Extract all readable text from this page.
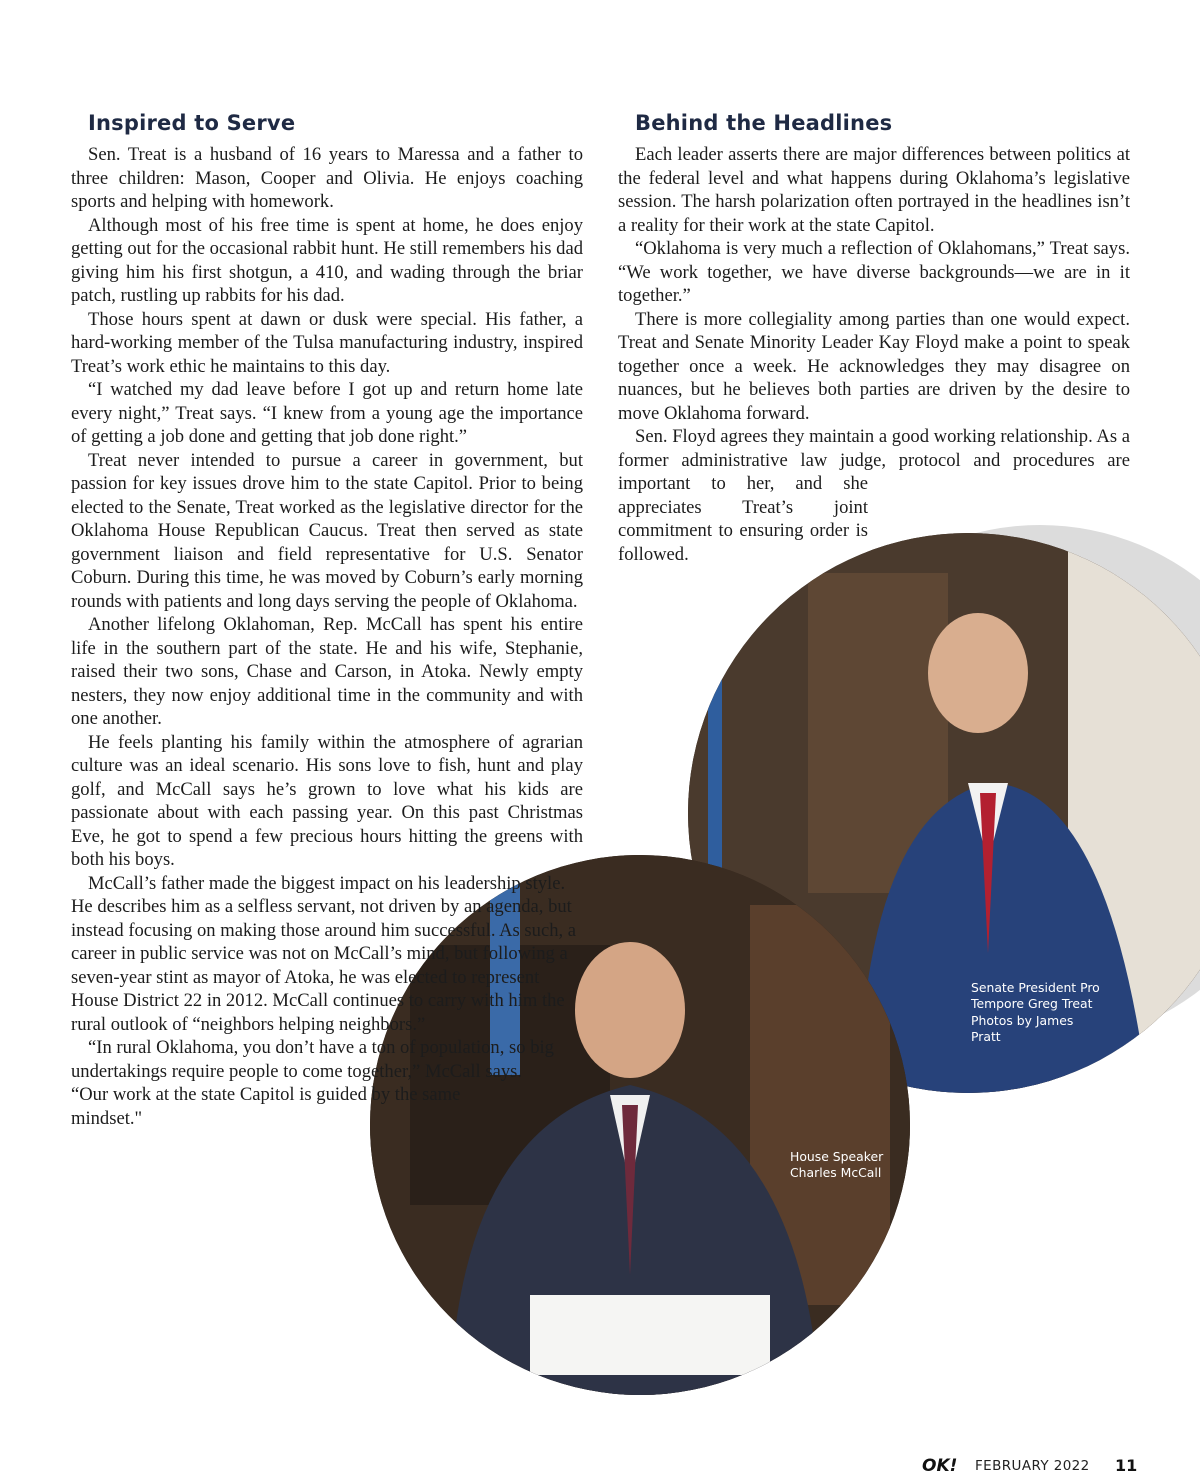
Inspired to Serve	Behind the Headlines

Senate President Pro
Tempore Greg Treat
Photos by James
Pratt

House Speaker
Charles McCall

Sen. Treat is a husband of 16 years to Maressa and a father to three children: Mason, Cooper and Olivia. He enjoys coaching sports and helping with homework.

Although most of his free time is spent at home, he does enjoy getting out for the occasional rabbit hunt. He still remembers his dad giving him his first shotgun, a 410, and wading through the briar patch, rustling up rabbits for his dad.

Those hours spent at dawn or dusk were special. His father, a hard-working member of the Tulsa manufacturing industry, inspired Treat’s work ethic he maintains to this day.

“I watched my dad leave before I got up and return home late every night,” Treat says. “I knew from a young age the importance of getting a job done and getting that job done right.”

Treat never intended to pursue a career in government, but passion for key issues drove him to the state Capitol. Prior to being elected to the Senate, Treat worked as the legislative director for the Oklahoma House Republican Caucus. Treat then served as state government liaison and field representative for U.S. Senator Coburn. During this time, he was moved by Coburn’s early morning rounds with patients and long days serving the people of Oklahoma.

Another lifelong Oklahoman, Rep. McCall has spent his entire life in the southern part of the state. He and his wife, Stephanie, raised their two sons, Chase and Carson, in Atoka. Newly empty nesters, they now enjoy additional time in the community and with one another.

He feels planting his family within the atmosphere of agrarian culture was an ideal scenario. His sons love to fish, hunt and play golf, and McCall says he’s grown to love what his kids are passionate about with each passing year. On this past Christmas Eve, he got to spend a few precious hours hitting the greens with both his boys.

McCall’s father made the biggest impact on his leadership style. He describes him as a selfless servant, not driven by an agenda, but instead focusing on making those around him successful. As such, a career in public service was not on McCall’s mind, but following a seven-year stint as mayor of Atoka, he was elected to represent House District 22 in 2012. McCall continues to carry with him the rural outlook of “neighbors helping neighbors.”

“In rural Oklahoma, you don’t have a ton of population, so big undertakings require people to come together,” McCall says. “Our work at the state Capitol is guided by the same mindset."

Each leader asserts there are major differences between politics at the federal level and what happens during Oklahoma’s legislative session. The harsh polarization often portrayed in the headlines isn’t a reality for their work at the state Capitol.

“Oklahoma is very much a reflection of Oklahomans,” Treat says. “We work together, we have diverse backgrounds—we are in it together.”

There is more collegiality among parties than one would expect. Treat and Senate Minority Leader Kay Floyd make a point to speak together once a week. He acknowledges they may disagree on nuances, but he believes both parties are driven by the desire to move Oklahoma forward.

Sen. Floyd agrees they maintain a good working relationship. As a former administrative law judge, protocol and procedures are important to her, and she appreciates Treat’s joint commitment to ensuring order is followed.

OK! FEBRUARY 2022 11
